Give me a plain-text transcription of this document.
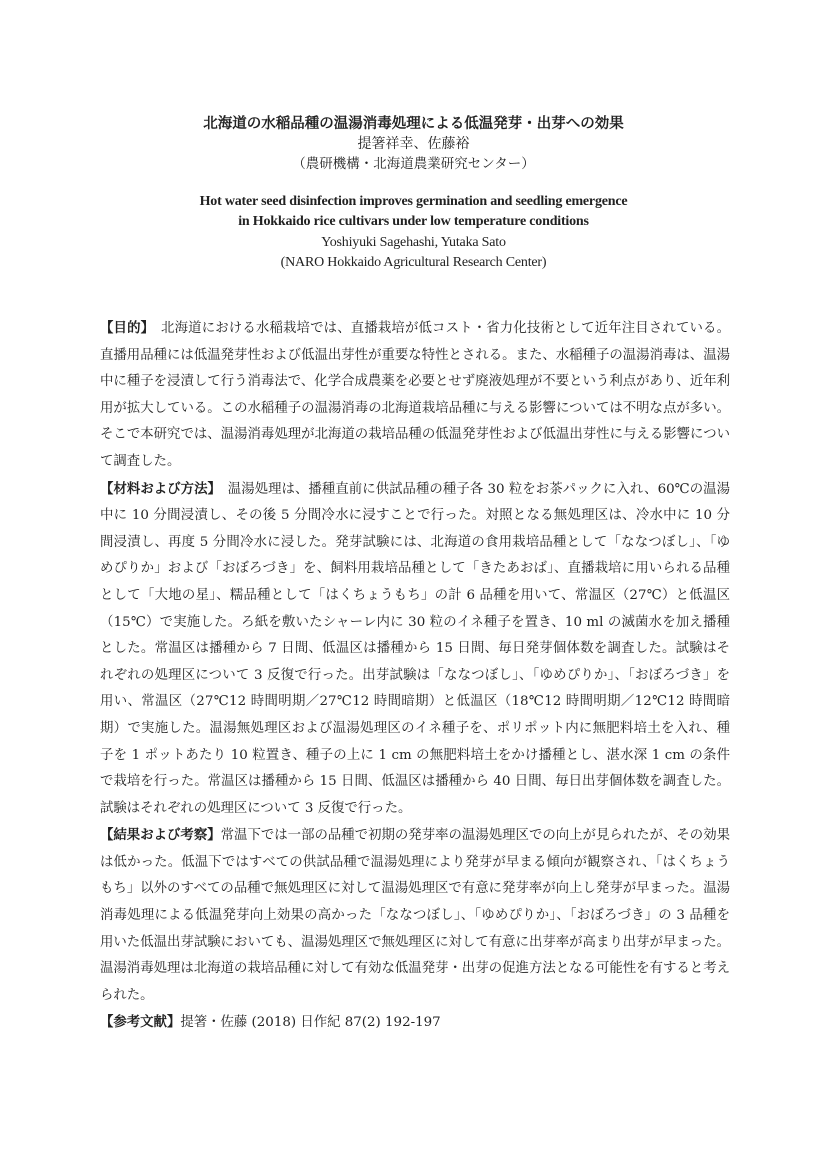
北海道の水稲品種の温湯消毒処理による低温発芽・出芽への効果
提箸祥幸、佐藤裕
（農研機構・北海道農業研究センター）
Hot water seed disinfection improves germination and seedling emergence
in Hokkaido rice cultivars under low temperature conditions
Yoshiyuki Sagehashi, Yutaka Sato
(NARO Hokkaido Agricultural Research Center)

【目的】　北海道における水稲栽培では、直播栽培が低コスト・省力化技術として近年注目されている。直播用品種には低温発芽性および低温出芽性が重要な特性とされる。また、水稲種子の温湯消毒は、温湯中に種子を浸漬して行う消毒法で、化学合成農薬を必要とせず廃液処理が不要という利点があり、近年利用が拡大している。この水稲種子の温湯消毒の北海道栽培品種に与える影響については不明な点が多い。そこで本研究では、温湯消毒処理が北海道の栽培品種の低温発芽性および低温出芽性に与える影響について調査した。

【材料および方法】　温湯処理は、播種直前に供試品種の種子各 30 粒をお茶パックに入れ、60℃の温湯中に 10 分間浸漬し、その後 5 分間冷水に浸すことで行った。対照となる無処理区は、冷水中に 10 分間浸漬し、再度 5 分間冷水に浸した。発芽試験には、北海道の食用栽培品種として「ななつぼし」、「ゆめぴりか」および「おぼろづき」を、飼料用栽培品種として「きたあおば」、直播栽培に用いられる品種として「大地の星」、糯品種として「はくちょうもち」の計 6 品種を用いて、常温区（27℃）と低温区（15℃）で実施した。ろ紙を敷いたシャーレ内に 30 粒のイネ種子を置き、10 ml の滅菌水を加え播種とした。常温区は播種から 7 日間、低温区は播種から 15 日間、毎日発芽個体数を調査した。試験はそれぞれの処理区について 3 反復で行った。出芽試験は「ななつぼし」、「ゆめぴりか」、「おぼろづき」を用い、常温区（27℃12 時間明期／27℃12 時間暗期）と低温区（18℃12 時間明期／12℃12 時間暗期）で実施した。温湯無処理区および温湯処理区のイネ種子を、ポリポット内に無肥料培土を入れ、種子を 1 ポットあたり 10 粒置き、種子の上に 1 cm の無肥料培土をかけ播種とし、湛水深 1 cm の条件で栽培を行った。常温区は播種から 15 日間、低温区は播種から 40 日間、毎日出芽個体数を調査した。試験はそれぞれの処理区について 3 反復で行った。

【結果および考察】常温下では一部の品種で初期の発芽率の温湯処理区での向上が見られたが、その効果は低かった。低温下ではすべての供試品種で温湯処理により発芽が早まる傾向が観察され、「はくちょうもち」以外のすべての品種で無処理区に対して温湯処理区で有意に発芽率が向上し発芽が早まった。温湯消毒処理による低温発芽向上効果の高かった「ななつぼし」、「ゆめぴりか」、「おぼろづき」の 3 品種を用いた低温出芽試験においても、温湯処理区で無処理区に対して有意に出芽率が高まり出芽が早まった。温湯消毒処理は北海道の栽培品種に対して有効な低温発芽・出芽の促進方法となる可能性を有すると考えられた。

【参考文献】提箸・佐藤 (2018) 日作紀 87(2) 192-197
